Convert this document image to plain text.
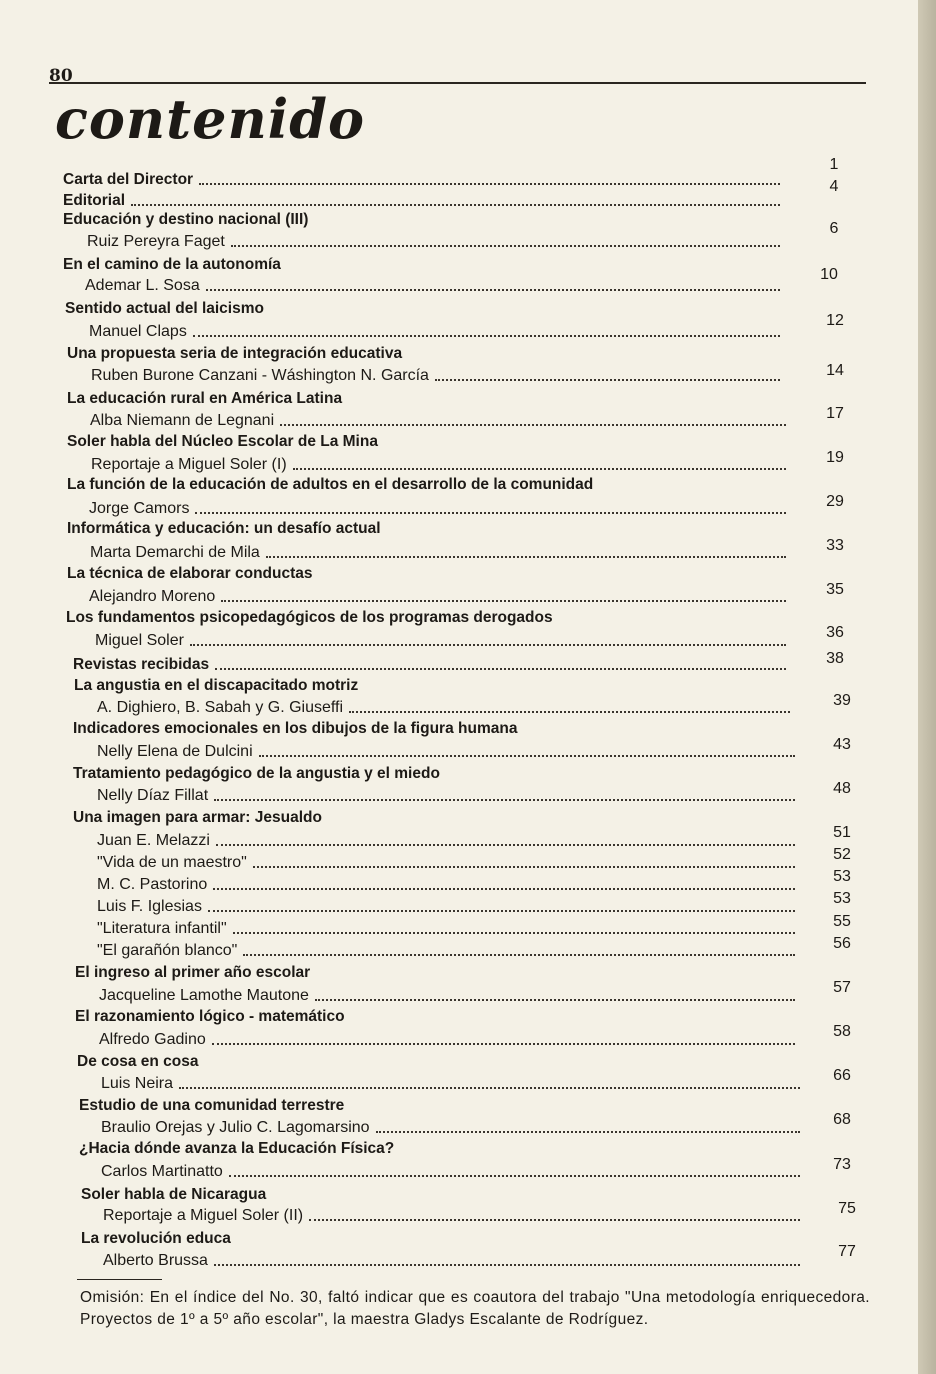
80
contenido
Carta del Director
Editorial
Educación y destino nacional (III)
Ruiz Pereyra Faget
En el camino de la autonomía
Ademar L. Sosa
Sentido actual del laicismo
Manuel Claps
Una propuesta seria de integración educativa
Ruben Burone Canzani - Wáshington N. García
La educación rural en América Latina
Alba Niemann de Legnani
Soler habla del Núcleo Escolar de La Mina
Reportaje a Miguel Soler (I)
La función de la educación de adultos en el desarrollo de la comunidad
Jorge Camors
Informática y educación: un desafío actual
Marta Demarchi de Mila
La técnica de elaborar conductas
Alejandro Moreno
Los fundamentos psicopedagógicos de los programas derogados
Miguel Soler
Revistas recibidas
La angustia en el discapacitado motriz
A. Dighiero, B. Sabah y G. Giuseffi
Indicadores emocionales en los dibujos de la figura humana
Nelly Elena de Dulcini
Tratamiento pedagógico de la angustia y el miedo
Nelly Díaz Fillat
Una imagen para armar: Jesualdo
Juan E. Melazzi
"Vida de un maestro"
M. C. Pastorino
Luis F. Iglesias
"Literatura infantil"
"El garañón blanco"
El ingreso al primer año escolar
Jacqueline Lamothe Mautone
El razonamiento lógico - matemático
Alfredo Gadino
De cosa en cosa
Luis Neira
Estudio de una comunidad terrestre
Braulio Orejas y Julio C. Lagomarsino
¿Hacia dónde avanza la Educación Física?
Carlos Martinatto
Soler habla de Nicaragua
Reportaje a Miguel Soler (II)
La revolución educa
Alberto Brussa
1
4
6
10
12
14
17
19
29
33
35
36
38
39
43
48
51
52
53
53
55
56
57
58
66
68
73
75
77
Omisión: En el índice del No. 30, faltó indicar que es coautora del trabajo "Una metodología enriquecedora. Proyectos de 1º a 5º año escolar", la maestra Gladys Escalante de Rodríguez.
